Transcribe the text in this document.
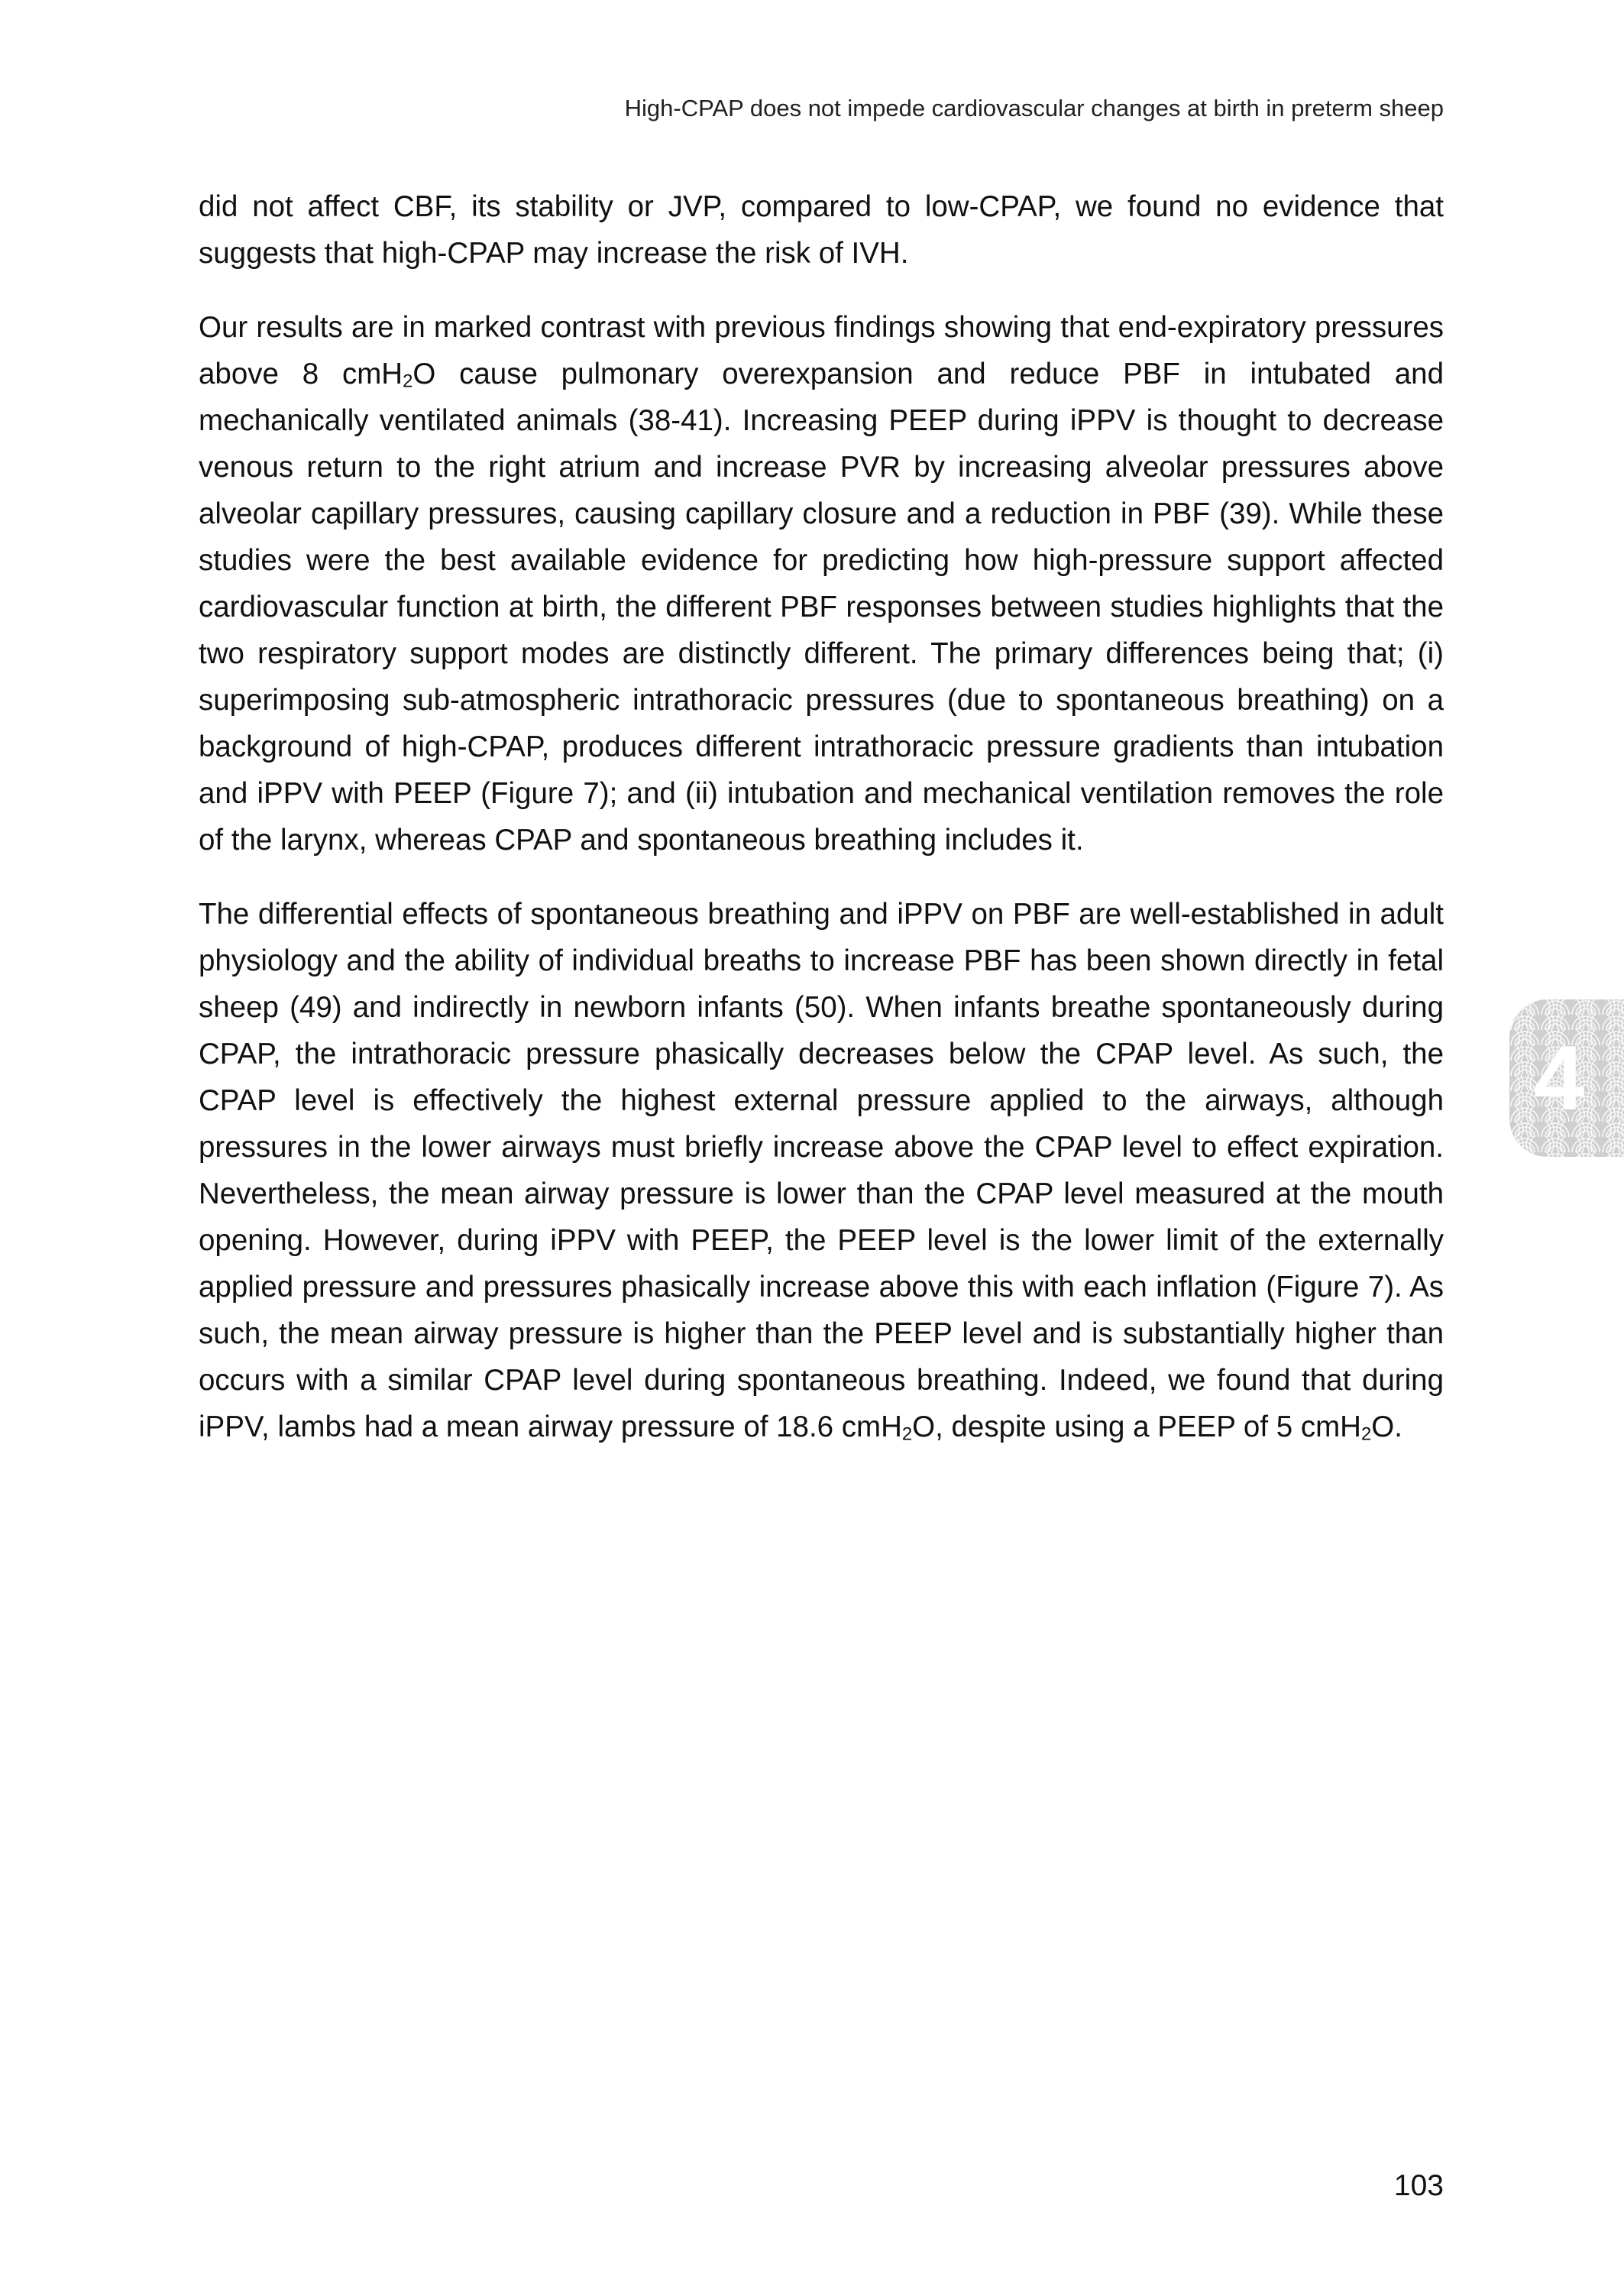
High-CPAP does not impede cardiovascular changes at birth in preterm sheep

did not affect CBF, its stability or JVP, compared to low-CPAP, we found no evidence that suggests that high-CPAP may increase the risk of IVH.

Our results are in marked contrast with previous findings showing that end-expiratory pressures above 8 cmH$_2$O cause pulmonary overexpansion and reduce PBF in intubated and mechanically ventilated animals (38-41). Increasing PEEP during iPPV is thought to decrease venous return to the right atrium and increase PVR by increasing alveolar pressures above alveolar capillary pressures, causing capillary closure and a reduction in PBF (39). While these studies were the best available evidence for predicting how high-pressure support affected cardiovascular function at birth, the different PBF responses between studies highlights that the two respiratory support modes are distinctly different. The primary differences being that; (i) superimposing sub-atmospheric intrathoracic pressures (due to spontaneous breathing) on a background of high-CPAP, produces different intrathoracic pressure gradients than intubation and iPPV with PEEP (Figure 7); and (ii) intubation and mechanical ventilation removes the role of the larynx, whereas CPAP and spontaneous breathing includes it.

The differential effects of spontaneous breathing and iPPV on PBF are well-established in adult physiology and the ability of individual breaths to increase PBF has been shown directly in fetal sheep (49) and indirectly in newborn infants (50). When infants breathe spontaneously during CPAP, the intrathoracic pressure phasically decreases below the CPAP level. As such, the CPAP level is effectively the highest external pressure applied to the airways, although pressures in the lower airways must briefly increase above the CPAP level to effect expiration. Nevertheless, the mean airway pressure is lower than the CPAP level measured at the mouth opening. However, during iPPV with PEEP, the PEEP level is the lower limit of the externally applied pressure and pressures phasically increase above this with each inflation (Figure 7). As such, the mean airway pressure is higher than the PEEP level and is substantially higher than occurs with a similar CPAP level during spontaneous breathing. Indeed, we found that during iPPV, lambs had a mean airway pressure of 18.6 cmH$_2$O, despite using a PEEP of 5 cmH$_2$O.

4
103
